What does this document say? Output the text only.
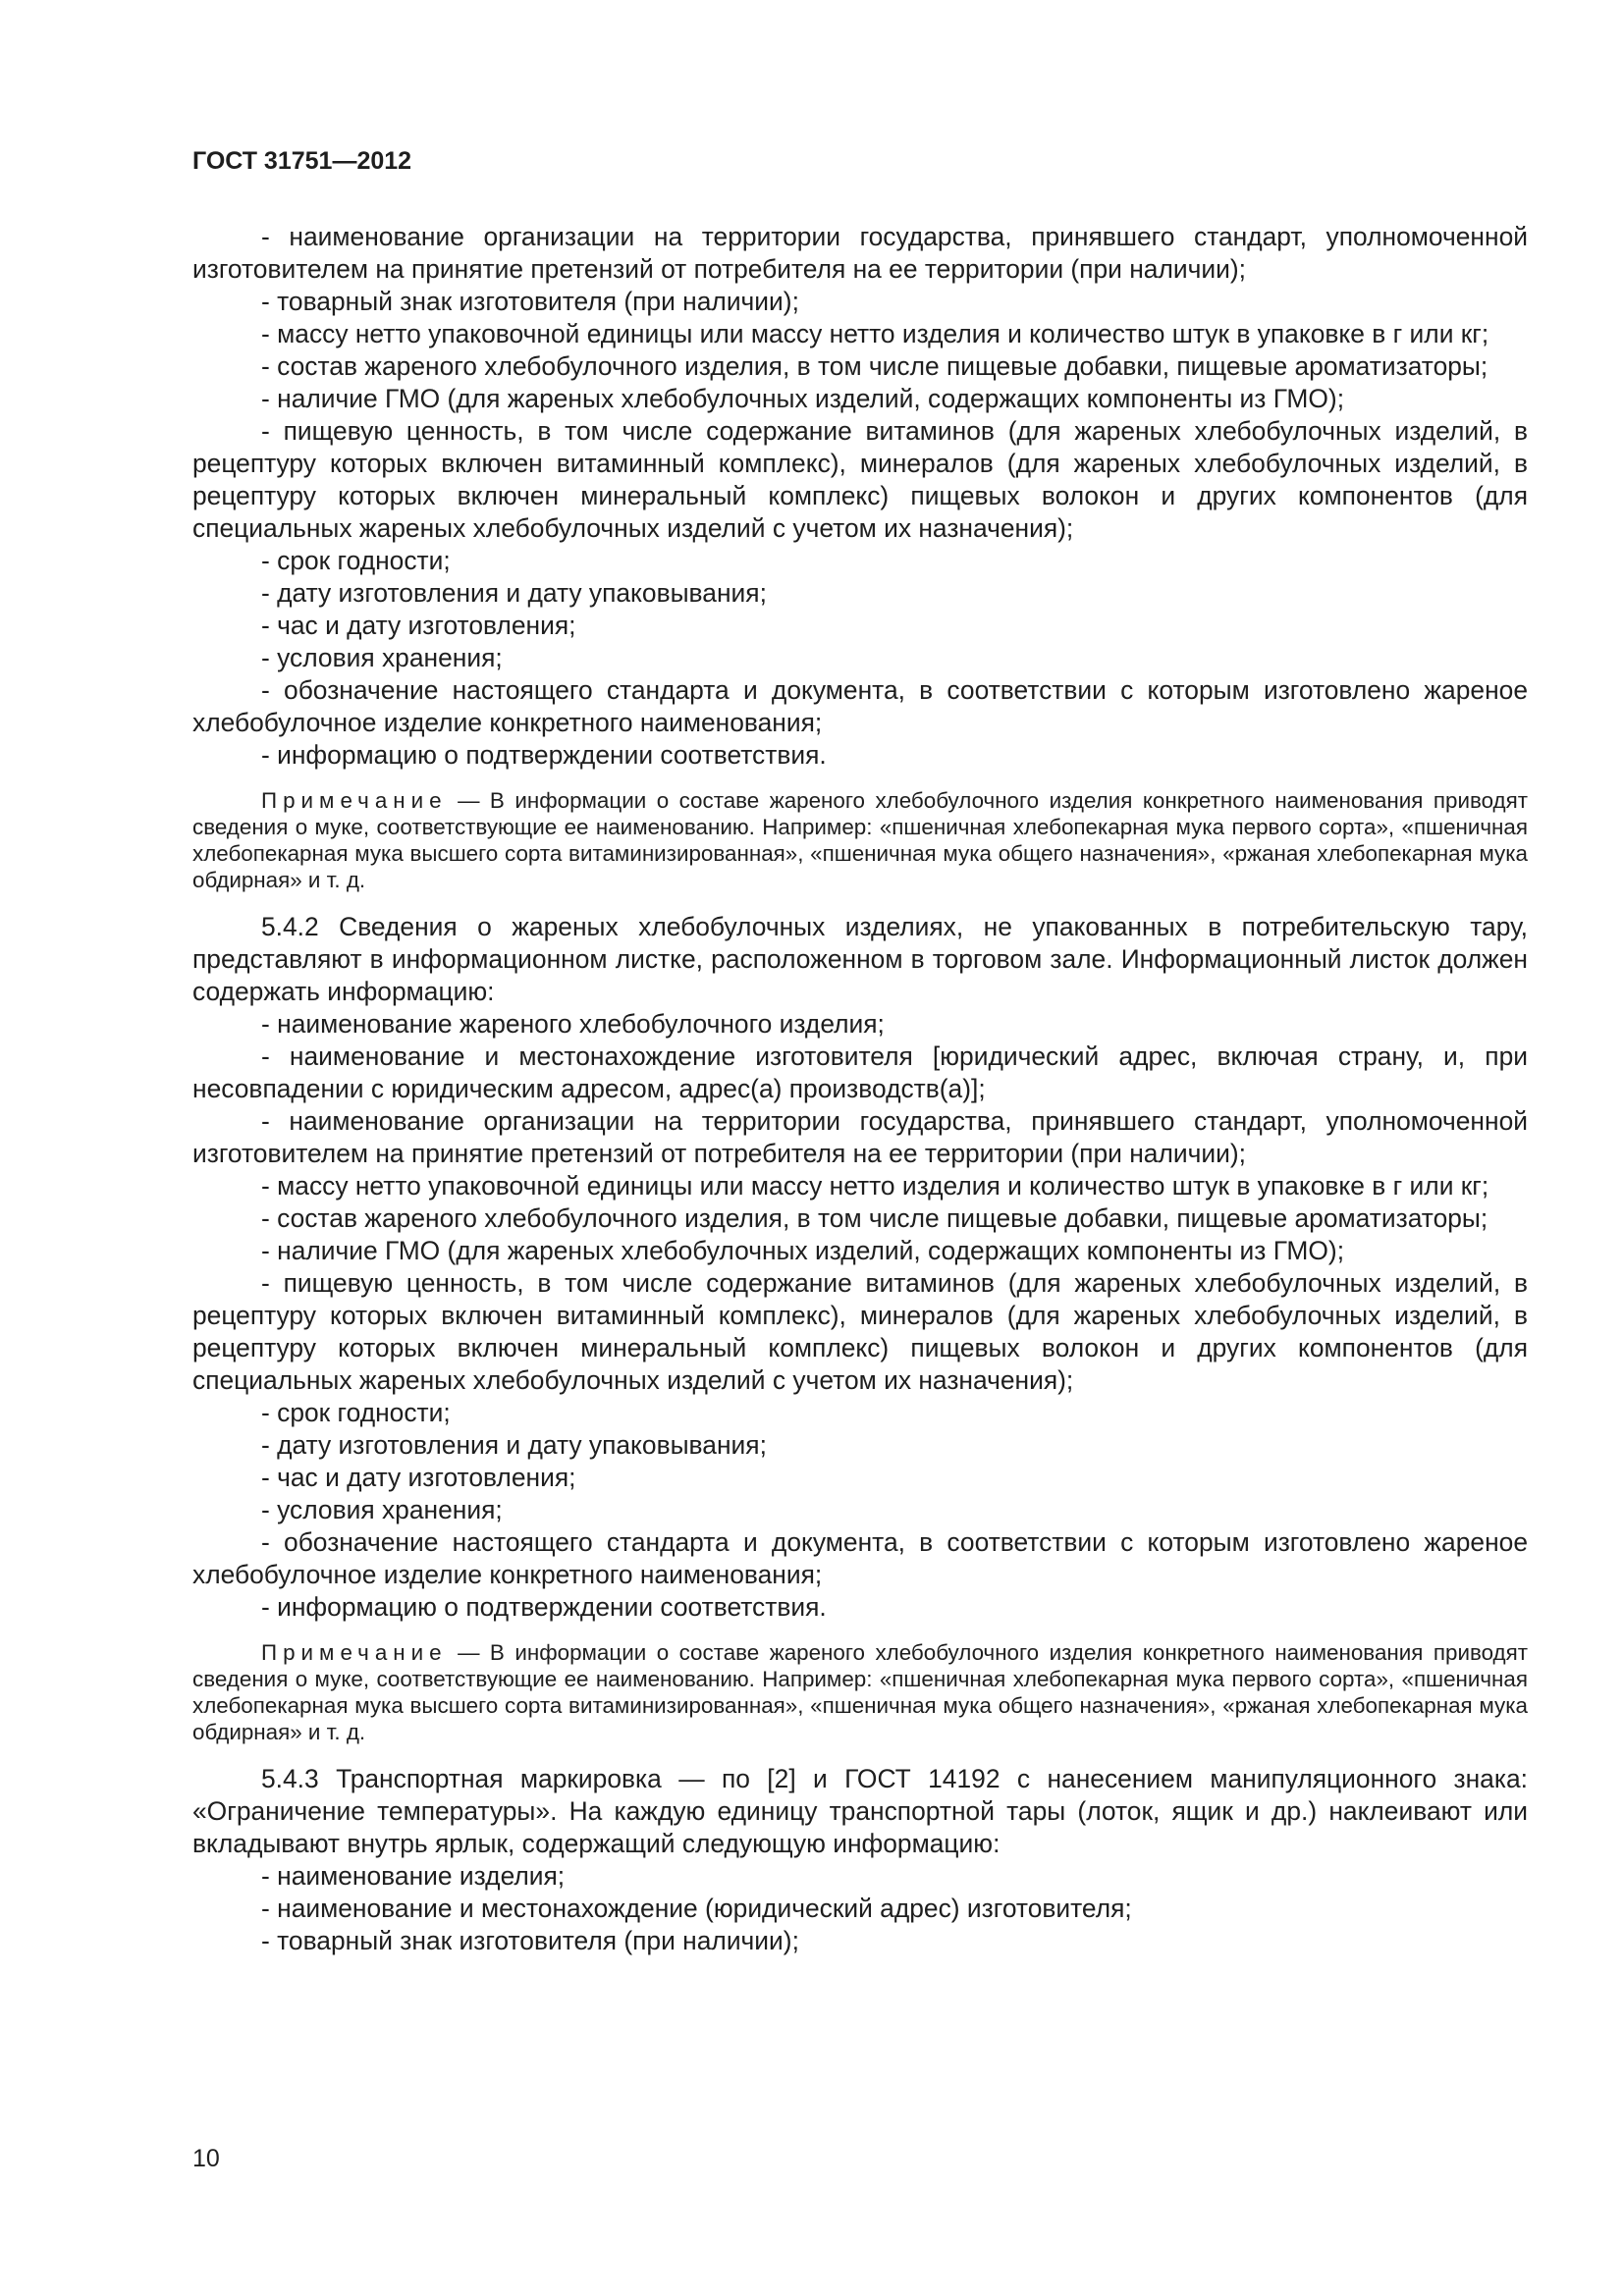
ГОСТ 31751—2012

- наименование организации на территории государства, принявшего стандарт, уполномоченной изготовителем на принятие претензий от потребителя на ее территории (при наличии);

- товарный знак изготовителя (при наличии);

- массу нетто упаковочной единицы или массу нетто изделия и количество штук в упаковке в г или кг;

- состав жареного хлебобулочного изделия, в том числе пищевые добавки, пищевые ароматизаторы;

- наличие ГМО (для жареных хлебобулочных изделий, содержащих компоненты из ГМО);

- пищевую ценность, в том числе содержание витаминов (для жареных хлебобулочных изделий, в рецептуру которых включен витаминный комплекс), минералов (для жареных хлебобулочных изделий, в рецептуру которых включен минеральный комплекс) пищевых волокон и других компонентов (для специальных жареных хлебобулочных изделий с учетом их назначения);

- срок годности;

- дату изготовления и дату упаковывания;

- час и дату изготовления;

- условия хранения;

- обозначение настоящего стандарта и документа, в соответствии с которым изготовлено жареное хлебобулочное изделие конкретного наименования;

- информацию о подтверждении соответствия.

Примечание — В информации о составе жареного хлебобулочного изделия конкретного наименования приводят сведения о муке, соответствующие ее наименованию. Например: «пшеничная хлебопекарная мука первого сорта», «пшеничная хлебопекарная мука высшего сорта витаминизированная», «пшеничная мука общего назначения», «ржаная хлебопекарная мука обдирная» и т. д.

5.4.2 Сведения о жареных хлебобулочных изделиях, не упакованных в потребительскую тару, представляют в информационном листке, расположенном в торговом зале. Информационный листок должен содержать информацию:

- наименование жареного хлебобулочного изделия;

- наименование и местонахождение изготовителя [юридический адрес, включая страну, и, при несовпадении с юридическим адресом, адрес(а) производств(а)];

- наименование организации на территории государства, принявшего стандарт, уполномоченной изготовителем на принятие претензий от потребителя на ее территории (при наличии);

- массу нетто упаковочной единицы или массу нетто изделия и количество штук в упаковке в г или кг;

- состав жареного хлебобулочного изделия, в том числе пищевые добавки, пищевые ароматизаторы;

- наличие ГМО (для жареных хлебобулочных изделий, содержащих компоненты из ГМО);

- пищевую ценность, в том числе содержание витаминов (для жареных хлебобулочных изделий, в рецептуру которых включен витаминный комплекс), минералов (для жареных хлебобулочных изделий, в рецептуру которых включен минеральный комплекс) пищевых волокон и других компонентов (для специальных жареных хлебобулочных изделий с учетом их назначения);

- срок годности;

- дату изготовления и дату упаковывания;

- час и дату изготовления;

- условия хранения;

- обозначение настоящего стандарта и документа, в соответствии с которым изготовлено жареное хлебобулочное изделие конкретного наименования;

- информацию о подтверждении соответствия.

Примечание — В информации о составе жареного хлебобулочного изделия конкретного наименования приводят сведения о муке, соответствующие ее наименованию. Например: «пшеничная хлебопекарная мука первого сорта», «пшеничная хлебопекарная мука высшего сорта витаминизированная», «пшеничная мука общего назначения», «ржаная хлебопекарная мука обдирная» и т. д.

5.4.3 Транспортная маркировка — по [2] и ГОСТ 14192 с нанесением манипуляционного знака: «Ограничение температуры». На каждую единицу транспортной тары (лоток, ящик и др.) наклеивают или вкладывают внутрь ярлык, содержащий следующую информацию:

- наименование изделия;

- наименование и местонахождение (юридический адрес) изготовителя;

- товарный знак изготовителя (при наличии);

10
